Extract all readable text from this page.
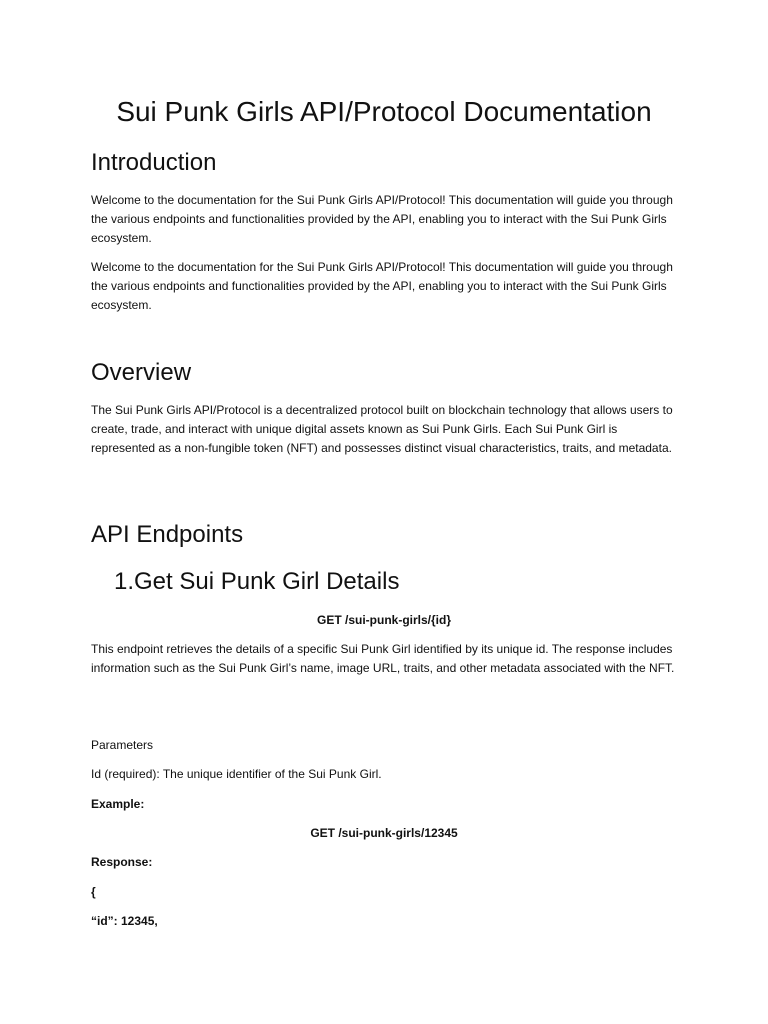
Sui Punk Girls API/Protocol Documentation
Introduction

Welcome to the documentation for the Sui Punk Girls API/Protocol! This documentation will guide you through the various endpoints and functionalities provided by the API, enabling you to interact with the Sui Punk Girls ecosystem.

Welcome to the documentation for the Sui Punk Girls API/Protocol! This documentation will guide you through the various endpoints and functionalities provided by the API, enabling you to interact with the Sui Punk Girls ecosystem.

Overview

The Sui Punk Girls API/Protocol is a decentralized protocol built on blockchain technology that allows users to create, trade, and interact with unique digital assets known as Sui Punk Girls. Each Sui Punk Girl is represented as a non-fungible token (NFT) and possesses distinct visual characteristics, traits, and metadata.

API Endpoints
1.Get Sui Punk Girl Details

GET /sui-punk-girls/{id}

This endpoint retrieves the details of a specific Sui Punk Girl identified by its unique id. The response includes information such as the Sui Punk Girl’s name, image URL, traits, and other metadata associated with the NFT.

Parameters

Id (required): The unique identifier of the Sui Punk Girl.

Example:

GET /sui-punk-girls/12345

Response:

{

“id”: 12345,
